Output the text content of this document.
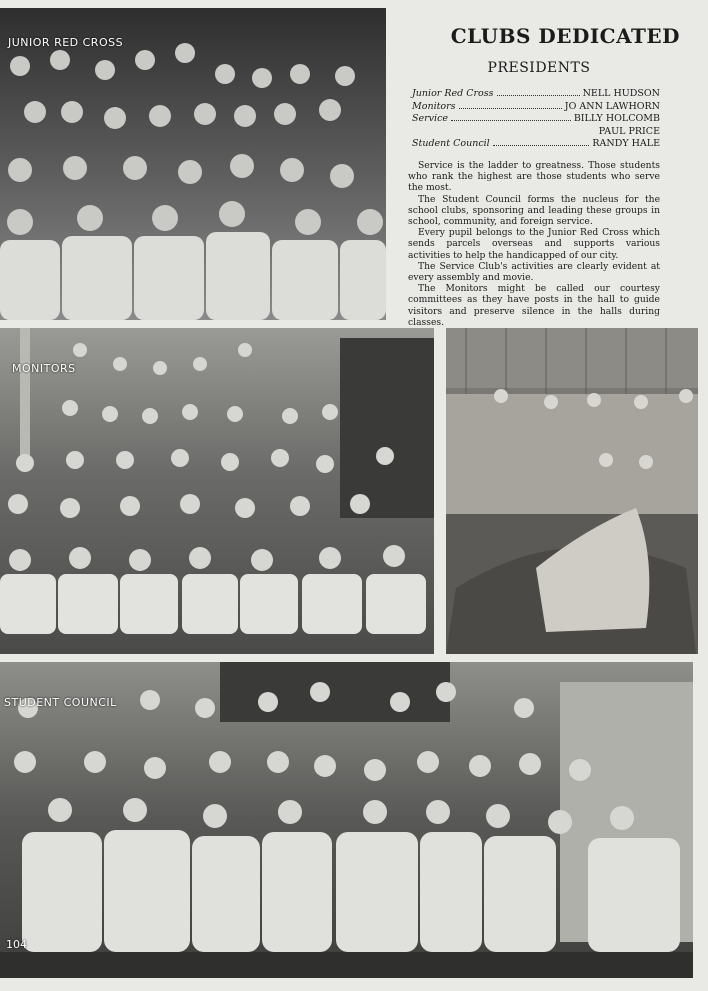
JUNIOR RED CROSS	CLUBS DEDICATED
PRESIDENTS
Junior Red Cross	NELL HUDSON
Monitors	JO ANN LAWHORN
Service	BILLY HOLCOMB
PAUL PRICE
Student Council	RANDY HALE

Service is the ladder to greatness. Those students who rank the highest are those students who serve the most.

The Student Council forms the nucleus for the school clubs, sponsoring and leading these groups in school, community, and foreign service.

Every pupil belongs to the Junior Red Cross which sends parcels overseas and supports various activities to help the handicapped of our city.

The Service Club's activities are clearly evident at every assembly and movie.

The Monitors might be called our courtesy committees as they have posts in the hall to guide visitors and preserve silence in the halls during classes.

MONITORS
STUDENT COUNCIL
104
